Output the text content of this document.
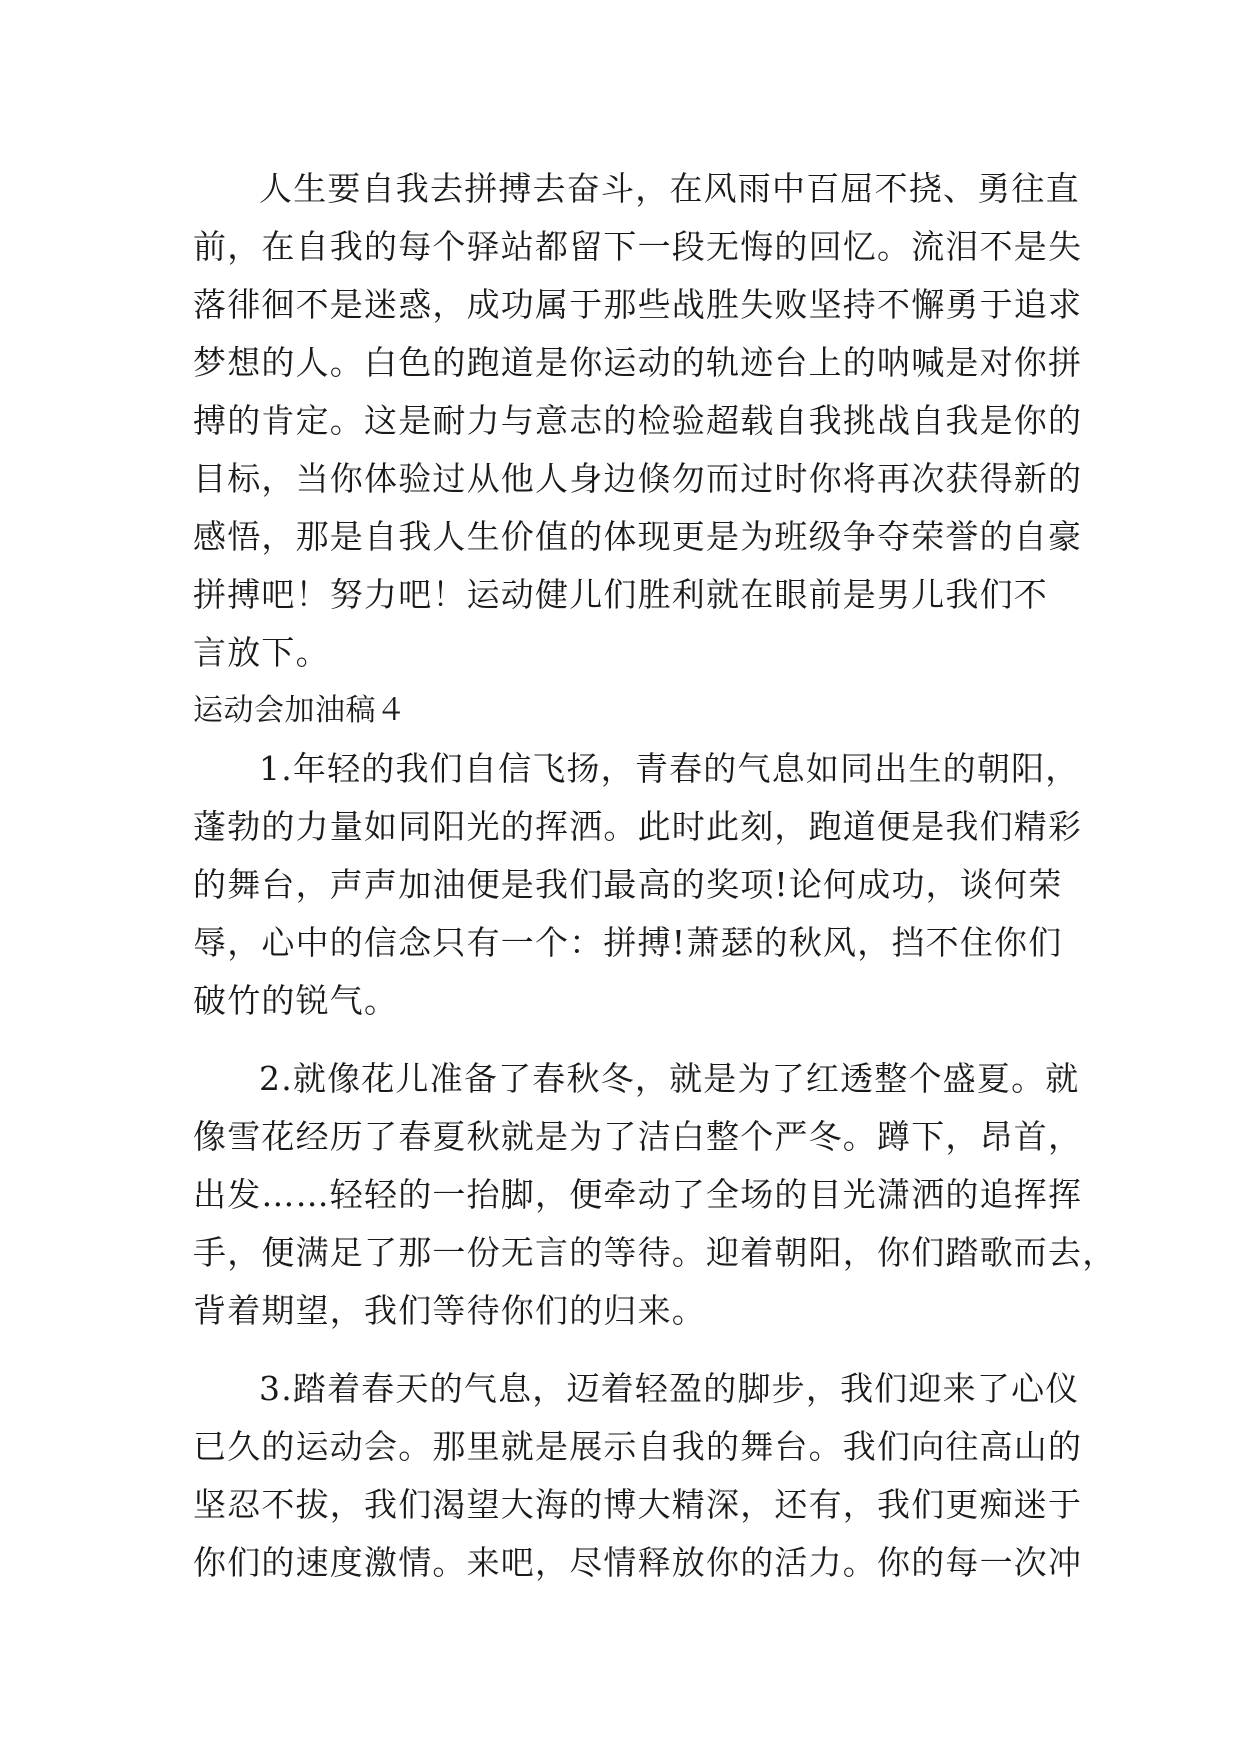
人生要自我去拼搏去奋斗，在风雨中百屈不挠、勇往直
前，在自我的每个驿站都留下一段无悔的回忆。流泪不是失
落徘徊不是迷惑，成功属于那些战胜失败坚持不懈勇于追求
梦想的人。白色的跑道是你运动的轨迹台上的呐喊是对你拼
搏的肯定。这是耐力与意志的检验超载自我挑战自我是你的
目标，当你体验过从他人身边倏勿而过时你将再次获得新的
感悟，那是自我人生价值的体现更是为班级争夺荣誉的自豪
拼搏吧！努力吧！运动健儿们胜利就在眼前是男儿我们不
言放下。
运动会加油稿４
1.年轻的我们自信飞扬，青春的气息如同出生的朝阳，
蓬勃的力量如同阳光的挥洒。此时此刻，跑道便是我们精彩
的舞台，声声加油便是我们最高的奖项!论何成功，谈何荣
辱，心中的信念只有一个：拼搏!萧瑟的秋风，挡不住你们
破竹的锐气。
2.就像花儿准备了春秋冬，就是为了红透整个盛夏。就
像雪花经历了春夏秋就是为了洁白整个严冬。蹲下，昂首，
出发……轻轻的一抬脚，便牵动了全场的目光潇洒的追挥挥
手，便满足了那一份无言的等待。迎着朝阳，你们踏歌而去，
背着期望，我们等待你们的归来。
3.踏着春天的气息，迈着轻盈的脚步，我们迎来了心仪
已久的运动会。那里就是展示自我的舞台。我们向往高山的
坚忍不拔，我们渴望大海的博大精深，还有，我们更痴迷于
你们的速度激情。来吧，尽情释放你的活力。你的每一次冲
